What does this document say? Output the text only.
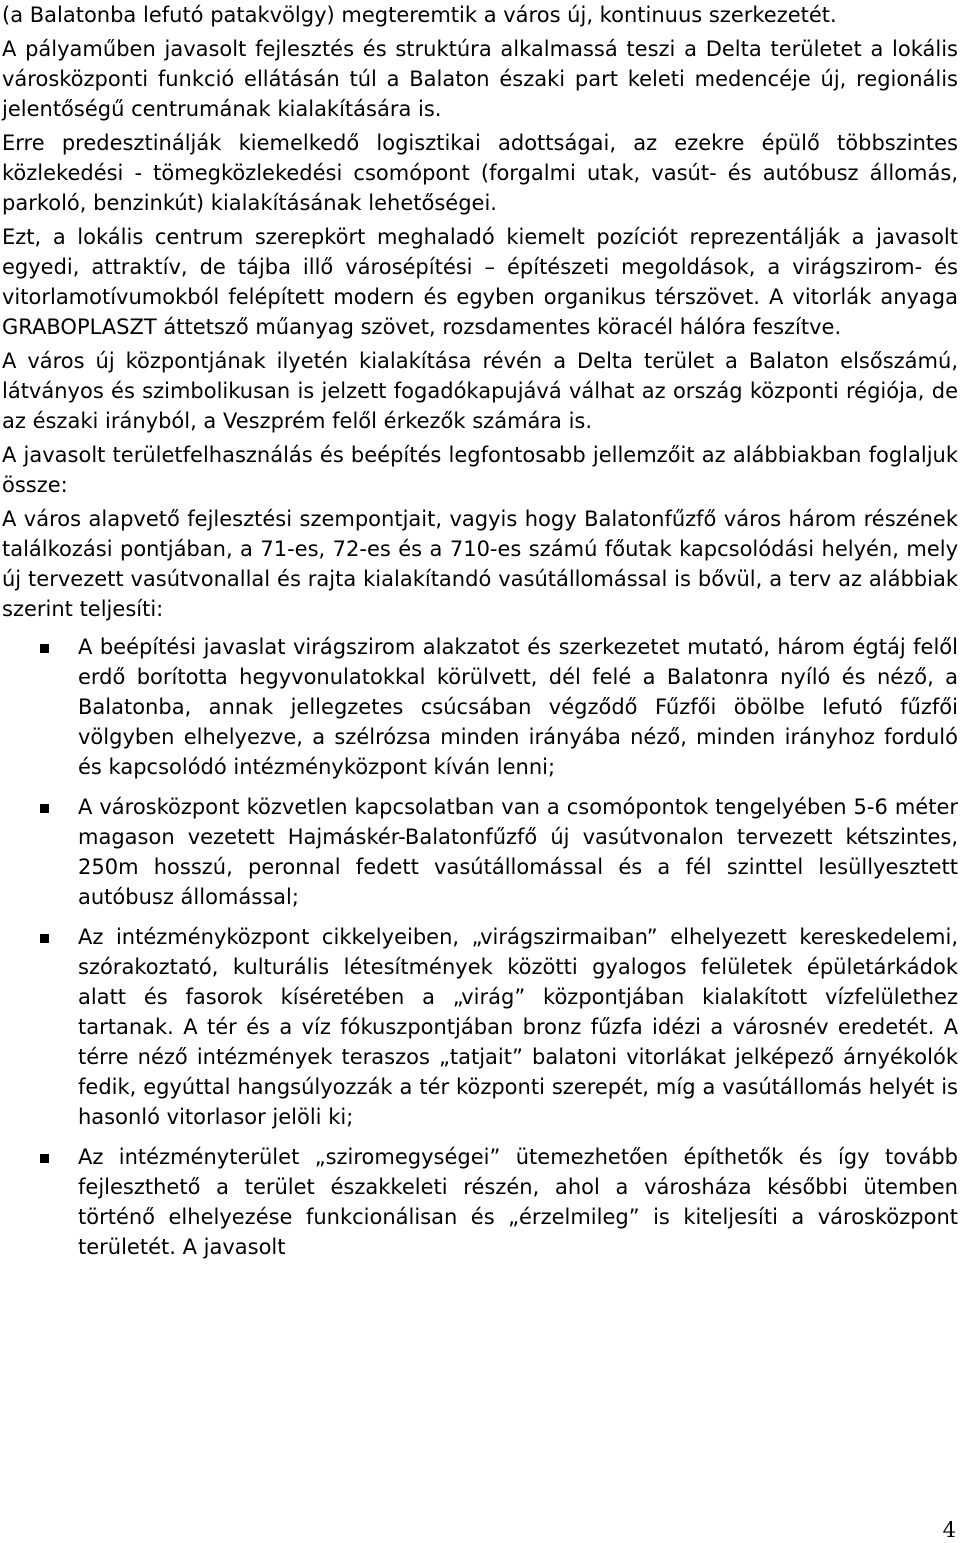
(a Balatonba lefutó patakvölgy) megteremtik a város új, kontinuus szerkezetét.

A pályaműben javasolt fejlesztés és struktúra alkalmassá teszi a Delta területet a lokális városközponti funkció ellátásán túl a Balaton északi part keleti medencéje új, regionális jelentőségű centrumának kialakítására is.

Erre predesztinálják kiemelkedő logisztikai adottságai, az ezekre épülő többszintes közlekedési - tömegközlekedési csomópont (forgalmi utak, vasút- és autóbusz állomás, parkoló, benzinkút) kialakításának lehetőségei.

Ezt, a lokális centrum szerepkört meghaladó kiemelt pozíciót reprezentálják a javasolt egyedi, attraktív, de tájba illő városépítési – építészeti megoldások, a virágszirom- és vitorlamotívumokból felépített modern és egyben organikus térszövet. A vitorlák anyaga GRABOPLASZT áttetsző műanyag szövet, rozsdamentes köracél hálóra feszítve.

A város új központjának ilyetén kialakítása révén a Delta terület a Balaton elsőszámú, látványos és szimbolikusan is jelzett fogadókapujává válhat az ország központi régiója, de az északi irányból, a Veszprém felől érkezők számára is.

A javasolt területfelhasználás és beépítés legfontosabb jellemzőit az alábbiakban foglaljuk össze:

A város alapvető fejlesztési szempontjait, vagyis hogy Balatonfűzfő város három részének találkozási pontjában, a 71-es, 72-es és a 710-es számú főutak kapcsolódási helyén, mely új tervezett vasútvonallal és rajta kialakítandó vasútállomással is bővül, a terv az alábbiak szerint teljesíti:

A beépítési javaslat virágszirom alakzatot és szerkezetet mutató, három égtáj felől erdő borította hegyvonulatokkal körülvett, dél felé a Balatonra nyíló és néző, a Balatonba, annak jellegzetes csúcsában végződő Fűzfői öbölbe lefutó fűzfői völgyben elhelyezve, a szélrózsa minden irányába néző, minden irányhoz forduló és kapcsolódó intézményközpont kíván lenni;
A városközpont közvetlen kapcsolatban van a csomópontok tengelyében 5-6 méter magason vezetett Hajmáskér-Balatonfűzfő új vasútvonalon tervezett kétszintes, 250m hosszú, peronnal fedett vasútállomással és a fél szinttel lesüllyesztett autóbusz állomással;
Az intézményközpont cikkelyeiben, „virágszirmaiban” elhelyezett kereskedelemi, szórakoztató, kulturális létesítmények közötti gyalogos felületek épületárkádok alatt és fasorok kíséretében a „virág” központjában kialakított vízfelülethez tartanak. A tér és a víz fókuszpontjában bronz fűzfa idézi a városnév eredetét. A térre néző intézmények teraszos „tatjait” balatoni vitorlákat jelképező árnyékolók fedik, egyúttal hangsúlyozzák a tér központi szerepét, míg a vasútállomás helyét is hasonló vitorlasor jelöli ki;
Az intézményterület „sziromegységei” ütemezhetően építhetők és így tovább fejleszthető a terület északkeleti részén, ahol a városháza későbbi ütemben történő elhelyezése funkcionálisan és „érzelmileg” is kiteljesíti a városközpont területét. A javasolt
4
